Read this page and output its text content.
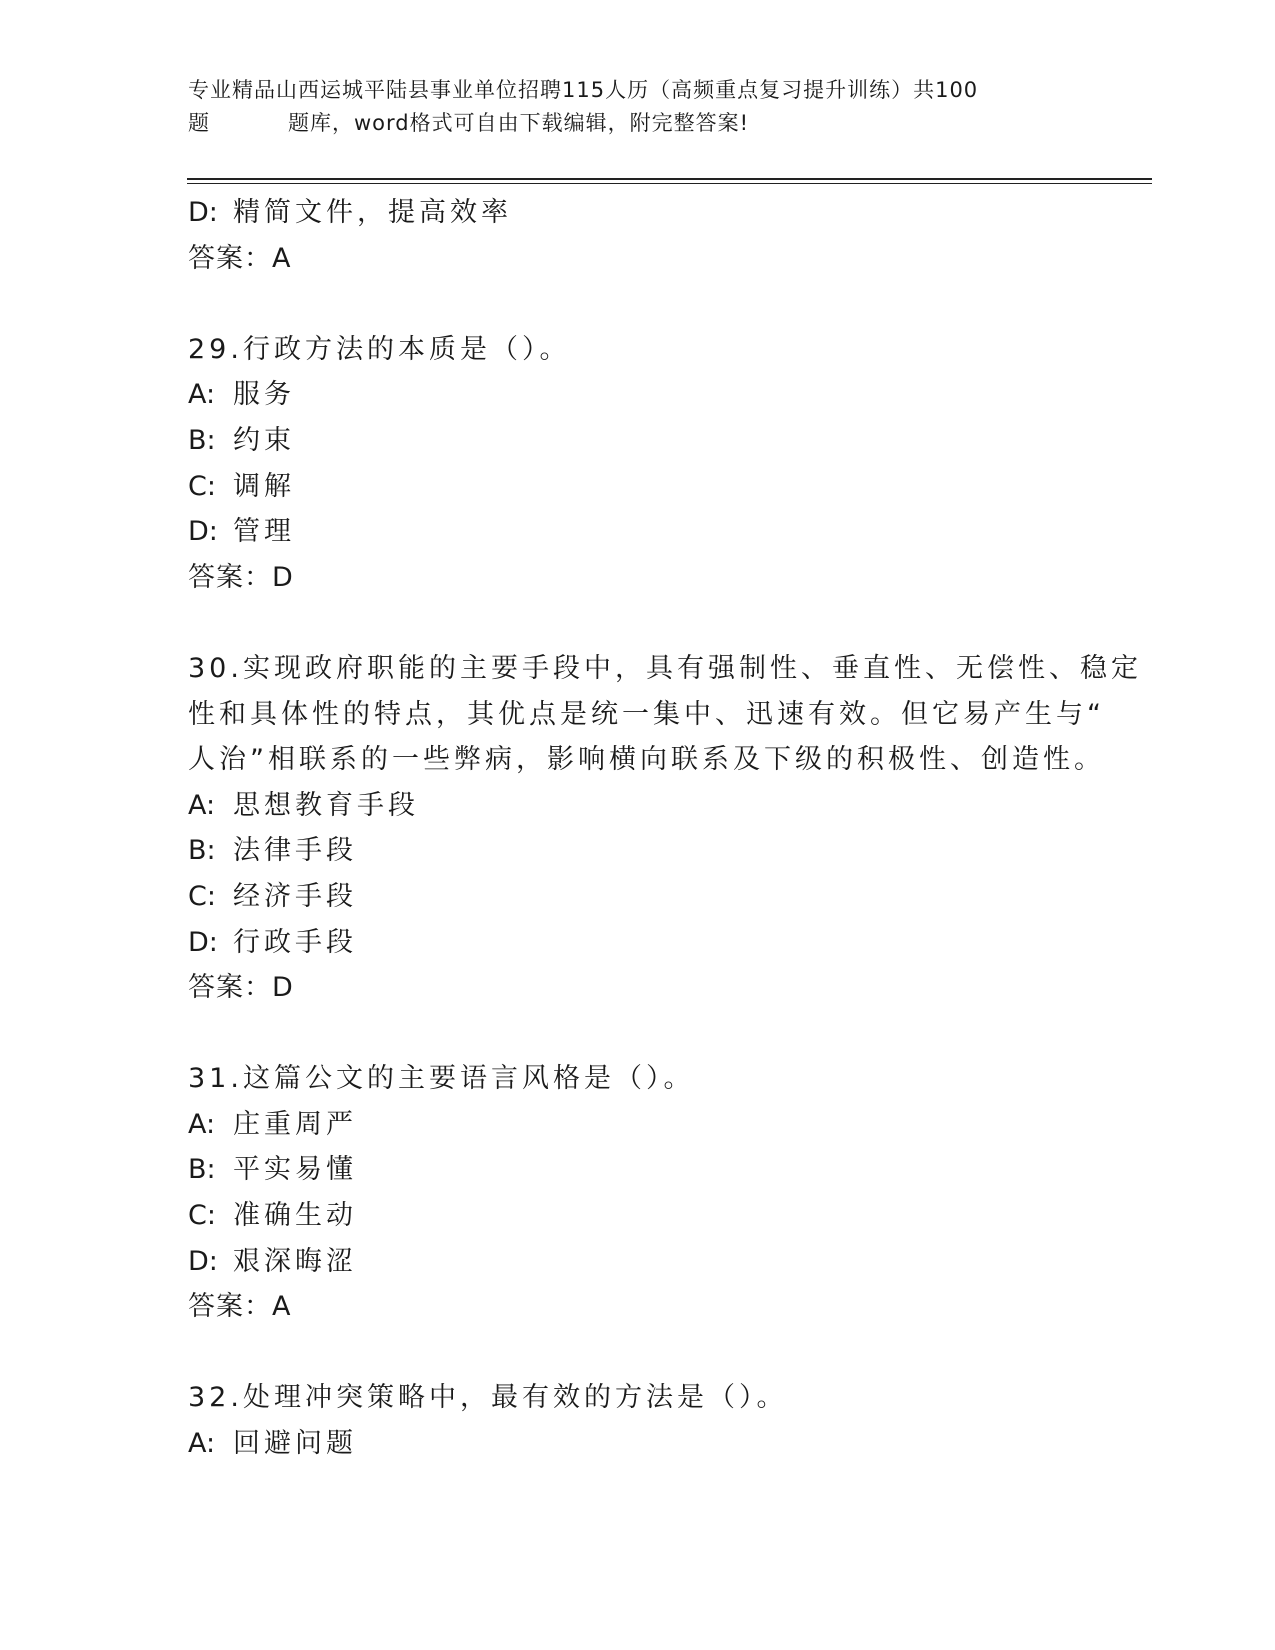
专业精品山西运城平陆县事业单位招聘115人历（高频重点复习提升训练）共100
题	题库，word格式可自由下载编辑，附完整答案!
D: 精简文件，提高效率
答案：A
29.行政方法的本质是（）。
A: 服务
B: 约束
C: 调解
D: 管理
答案：D
30.实现政府职能的主要手段中，具有强制性、垂直性、无偿性、稳定
性和具体性的特点，其优点是统一集中、迅速有效。但它易产生与“
人治”相联系的一些弊病，影响横向联系及下级的积极性、创造性。
A: 思想教育手段
B: 法律手段
C: 经济手段
D: 行政手段
答案：D
31.这篇公文的主要语言风格是（）。
A: 庄重周严
B: 平实易懂
C: 准确生动
D: 艰深晦涩
答案：A
32.处理冲突策略中，最有效的方法是（）。
A: 回避问题
